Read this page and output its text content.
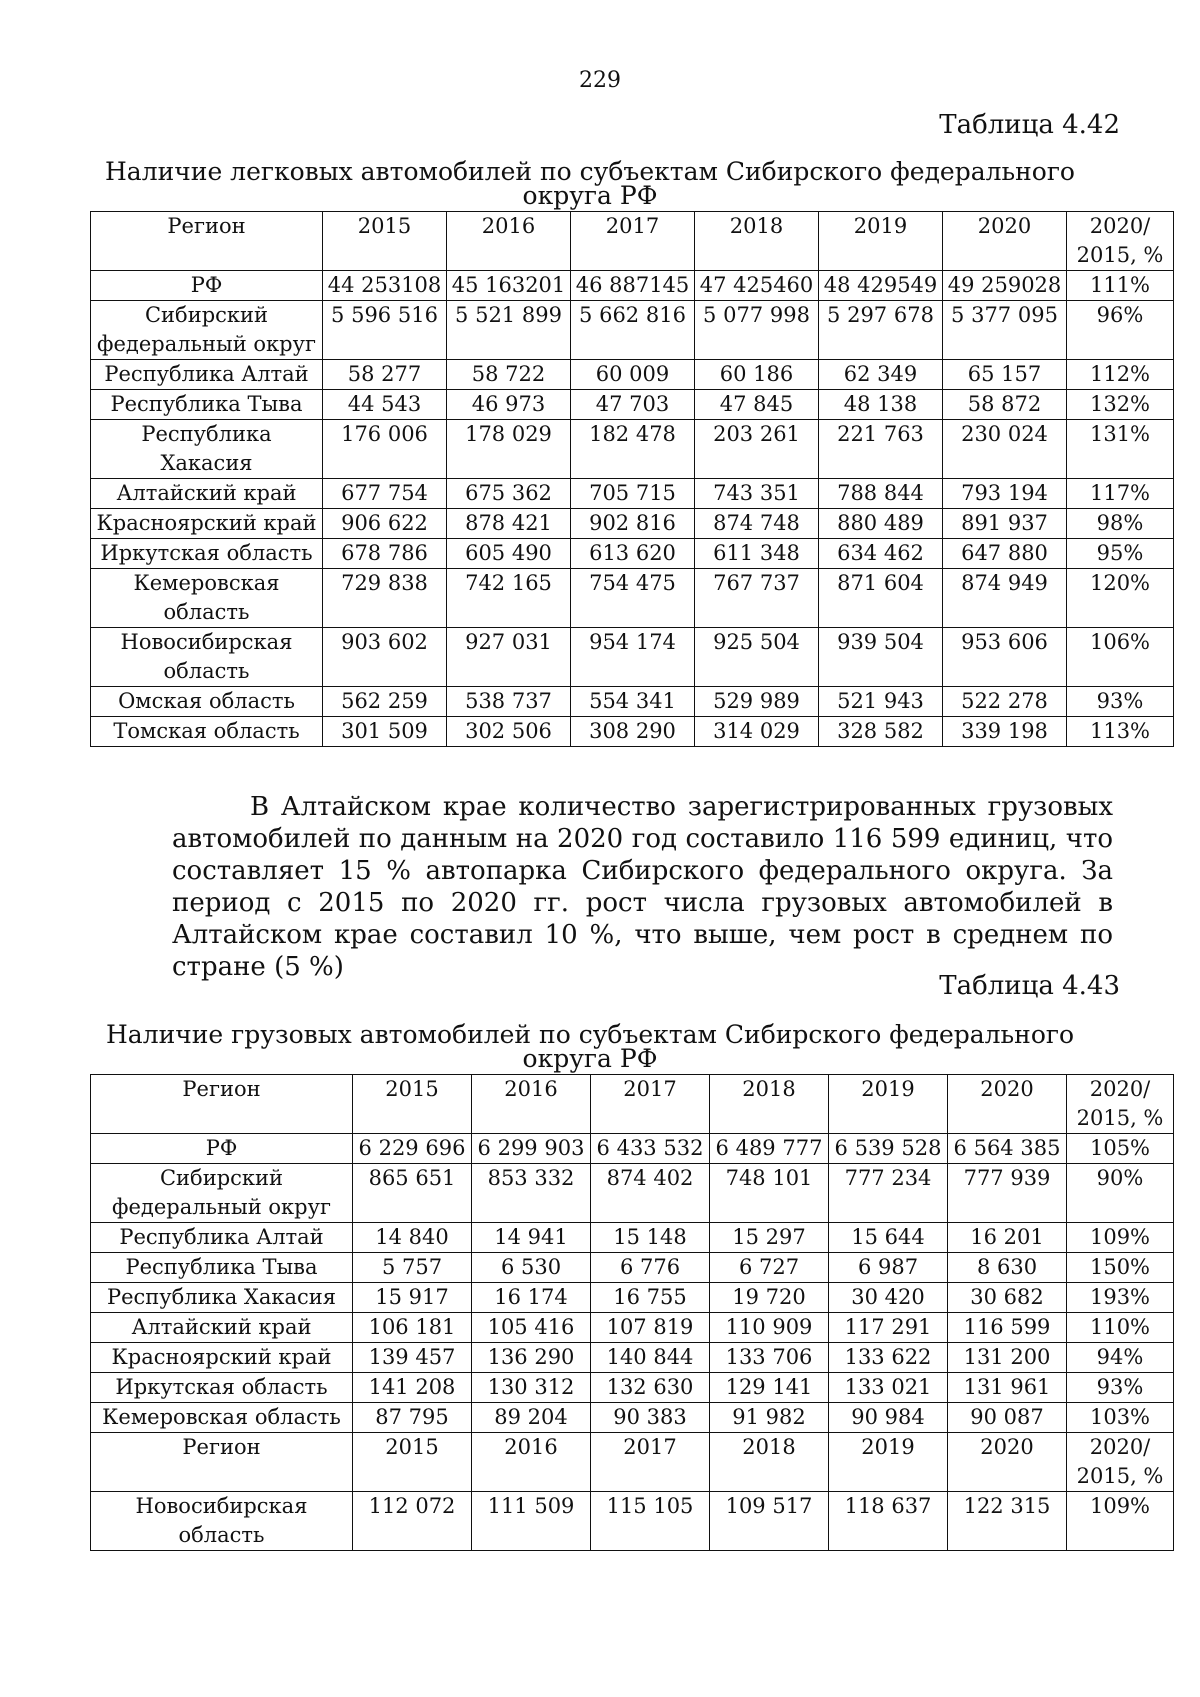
229
Таблица 4.42
Наличие легковых автомобилей по субъектам Сибирского федерального
округа РФ
Регион	2015	2016	2017	2018	2019	2020	2020/ 2015, %
РФ	44 253108	45 163201	46 887145	47 425460	48 429549	49 259028	111%
Сибирский федеральный округ	5 596 516	5 521 899	5 662 816	5 077 998	5 297 678	5 377 095	96%
Республика Алтай	58 277	58 722	60 009	60 186	62 349	65 157	112%
Республика Тыва	44 543	46 973	47 703	47 845	48 138	58 872	132%
Республика Хакасия	176 006	178 029	182 478	203 261	221 763	230 024	131%
Алтайский край	677 754	675 362	705 715	743 351	788 844	793 194	117%
Красноярский край	906 622	878 421	902 816	874 748	880 489	891 937	98%
Иркутская область	678 786	605 490	613 620	611 348	634 462	647 880	95%
Кемеровская область	729 838	742 165	754 475	767 737	871 604	874 949	120%
Новосибирская область	903 602	927 031	954 174	925 504	939 504	953 606	106%
Омская область	562 259	538 737	554 341	529 989	521 943	522 278	93%
Томская область	301 509	302 506	308 290	314 029	328 582	339 198	113%
В Алтайском крае количество зарегистрированных грузовых автомобилей по данным на 2020 год составило 116 599 единиц, что составляет 15 % автопарка Сибирского федерального округа. За период с 2015 по 2020 гг. рост числа грузовых автомобилей в Алтайском крае составил 10 %, что выше, чем рост в среднем по стране (5 %)
Таблица 4.43
Наличие грузовых автомобилей по субъектам Сибирского федерального
округа РФ
Регион	2015	2016	2017	2018	2019	2020	2020/ 2015, %
РФ	6 229 696	6 299 903	6 433 532	6 489 777	6 539 528	6 564 385	105%
Сибирский федеральный округ	865 651	853 332	874 402	748 101	777 234	777 939	90%
Республика Алтай	14 840	14 941	15 148	15 297	15 644	16 201	109%
Республика Тыва	5 757	6 530	6 776	6 727	6 987	8 630	150%
Республика Хакасия	15 917	16 174	16 755	19 720	30 420	30 682	193%
Алтайский край	106 181	105 416	107 819	110 909	117 291	116 599	110%
Красноярский край	139 457	136 290	140 844	133 706	133 622	131 200	94%
Иркутская область	141 208	130 312	132 630	129 141	133 021	131 961	93%
Кемеровская область	87 795	89 204	90 383	91 982	90 984	90 087	103%
Регион	2015	2016	2017	2018	2019	2020	2020/ 2015, %
Новосибирская область	112 072	111 509	115 105	109 517	118 637	122 315	109%
